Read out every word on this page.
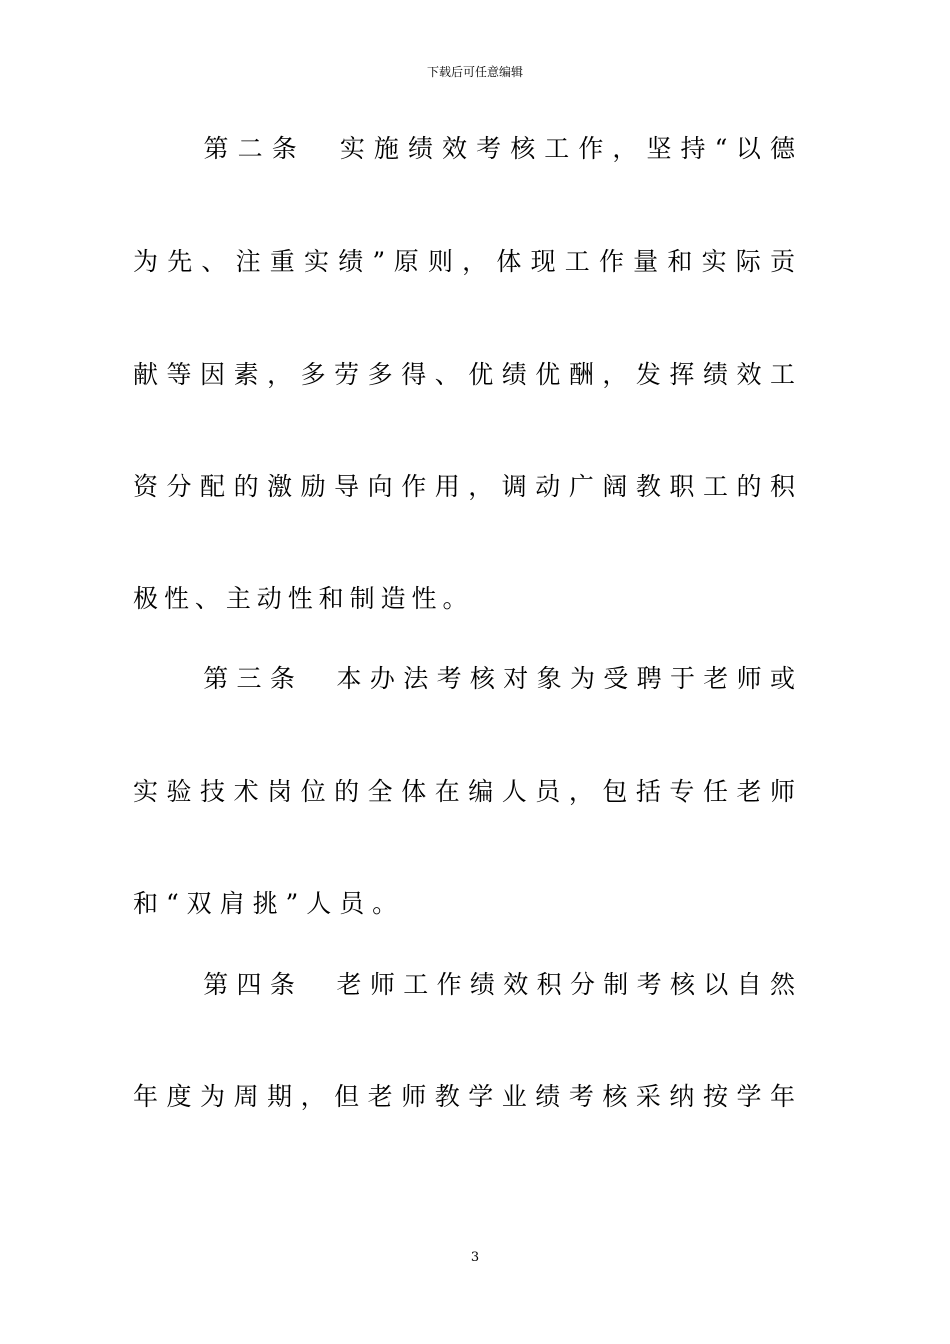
下载后可任意编辑
第 二 条 　 实 施 绩 效 考 核 工 作 ， 坚 持 “ 以 德
为 先 、 注 重 实 绩 ” 原 则 ， 体 现 工 作 量 和 实 际 贡
献 等 因 素 ， 多 劳 多 得 、 优 绩 优 酬 ， 发 挥 绩 效 工
资 分 配 的 激 励 导 向 作 用 ， 调 动 广 阔 教 职 工 的 积
极 性 、 主 动 性 和 制 造 性 。
第 三 条 　 本 办 法 考 核 对 象 为 受 聘 于 老 师 或
实 验 技 术 岗 位 的 全 体 在 编 人 员 ， 包 括 专 任 老 师
和 “ 双 肩 挑 ” 人 员 。
第 四 条 　 老 师 工 作 绩 效 积 分 制 考 核 以 自 然
年 度 为 周 期 ， 但 老 师 教 学 业 绩 考 核 采 纳 按 学 年
3
